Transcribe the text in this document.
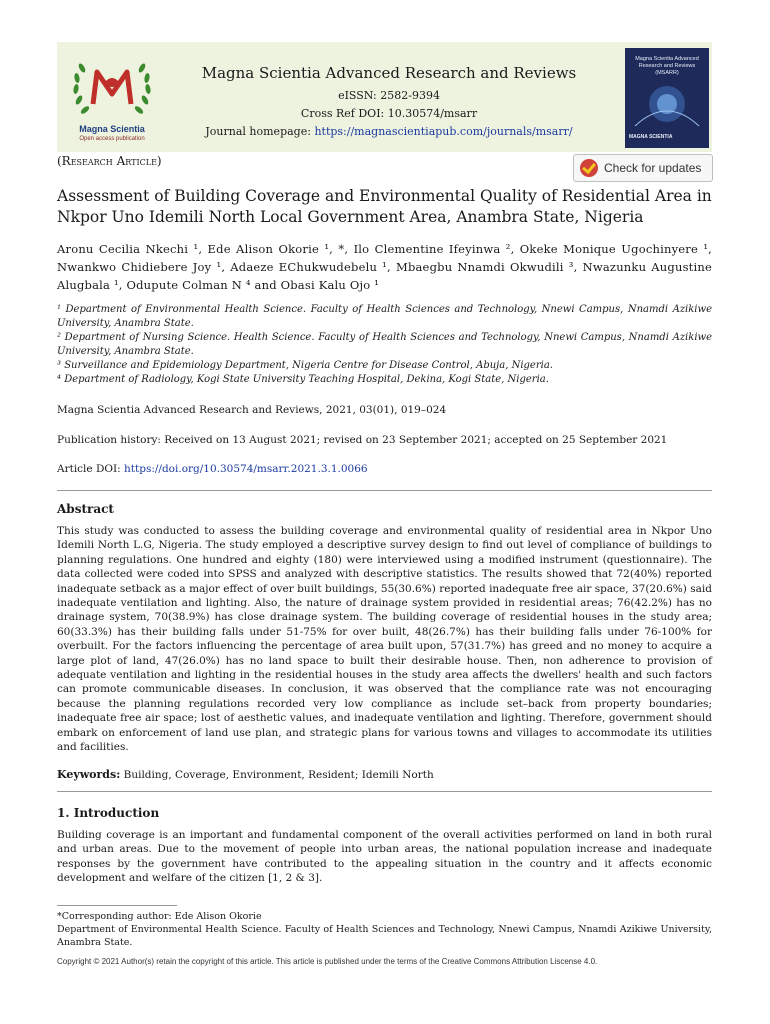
Magna Scientia
Open access publication
Magna Scientia Advanced Research and Reviews
eISSN: 2582-9394
Cross Ref DOI: 10.30574/msarr
Journal homepage: https://magnascientiapub.com/journals/msarr/
Magna Scientia Advanced Research and Reviews (MSARR)
MAGNA SCIENTIA
(Research Article)	Check for updates
Assessment of Building Coverage and Environmental Quality of Residential Area in Nkpor Uno Idemili North Local Government Area, Anambra State, Nigeria
Aronu Cecilia Nkechi ¹, Ede Alison Okorie ¹, *, Ilo Clementine Ifeyinwa ², Okeke Monique Ugochinyere ¹, Nwankwo Chidiebere Joy ¹, Adaeze EChukwudebelu ¹, Mbaegbu Nnamdi Okwudili ³, Nwazunku Augustine Alugbala ¹, Odupute Colman N ⁴ and Obasi Kalu Ojo ¹

¹ Department of Environmental Health Science. Faculty of Health Sciences and Technology, Nnewi Campus, Nnamdi Azikiwe University, Anambra State.

² Department of Nursing Science. Health Science. Faculty of Health Sciences and Technology, Nnewi Campus, Nnamdi Azikiwe University, Anambra State.

³ Surveillance and Epidemiology Department, Nigeria Centre for Disease Control, Abuja, Nigeria.

⁴ Department of Radiology, Kogi State University Teaching Hospital, Dekina, Kogi State, Nigeria.

Magna Scientia Advanced Research and Reviews, 2021, 03(01), 019–024
Publication history: Received on 13 August 2021; revised on 23 September 2021; accepted on 25 September 2021
Article DOI: https://doi.org/10.30574/msarr.2021.3.1.0066
Abstract

This study was conducted to assess the building coverage and environmental quality of residential area in Nkpor Uno Idemili North L.G, Nigeria. The study employed a descriptive survey design to find out level of compliance of buildings to planning regulations. One hundred and eighty (180) were interviewed using a modified instrument (questionnaire). The data collected were coded into SPSS and analyzed with descriptive statistics. The results showed that 72(40%) reported inadequate setback as a major effect of over built buildings, 55(30.6%) reported inadequate free air space, 37(20.6%) said inadequate ventilation and lighting. Also, the nature of drainage system provided in residential areas; 76(42.2%) has no drainage system, 70(38.9%) has close drainage system. The building coverage of residential houses in the study area; 60(33.3%) has their building falls under 51-75% for over built, 48(26.7%) has their building falls under 76-100% for overbuilt. For the factors influencing the percentage of area built upon, 57(31.7%) has greed and no money to acquire a large plot of land, 47(26.0%) has no land space to built their desirable house. Then, non adherence to provision of adequate ventilation and lighting in the residential houses in the study area affects the dwellers' health and such factors can promote communicable diseases. In conclusion, it was observed that the compliance rate was not encouraging because the planning regulations recorded very low compliance as include set–back from property boundaries; inadequate free air space; lost of aesthetic values, and inadequate ventilation and lighting. Therefore, government should embark on enforcement of land use plan, and strategic plans for various towns and villages to accommodate its utilities and facilities.

Keywords: Building, Coverage, Environment, Resident; Idemili North
1. Introduction

Building coverage is an important and fundamental component of the overall activities performed on land in both rural and urban areas. Due to the movement of people into urban areas, the national population increase and inadequate responses by the government have contributed to the appealing situation in the country and it affects economic development and welfare of the citizen [1, 2 & 3].

*Corresponding author: Ede Alison Okorie

Department of Environmental Health Science. Faculty of Health Sciences and Technology, Nnewi Campus, Nnamdi Azikiwe University, Anambra State.

Copyright © 2021 Author(s) retain the copyright of this article. This article is published under the terms of the Creative Commons Attribution Liscense 4.0.
